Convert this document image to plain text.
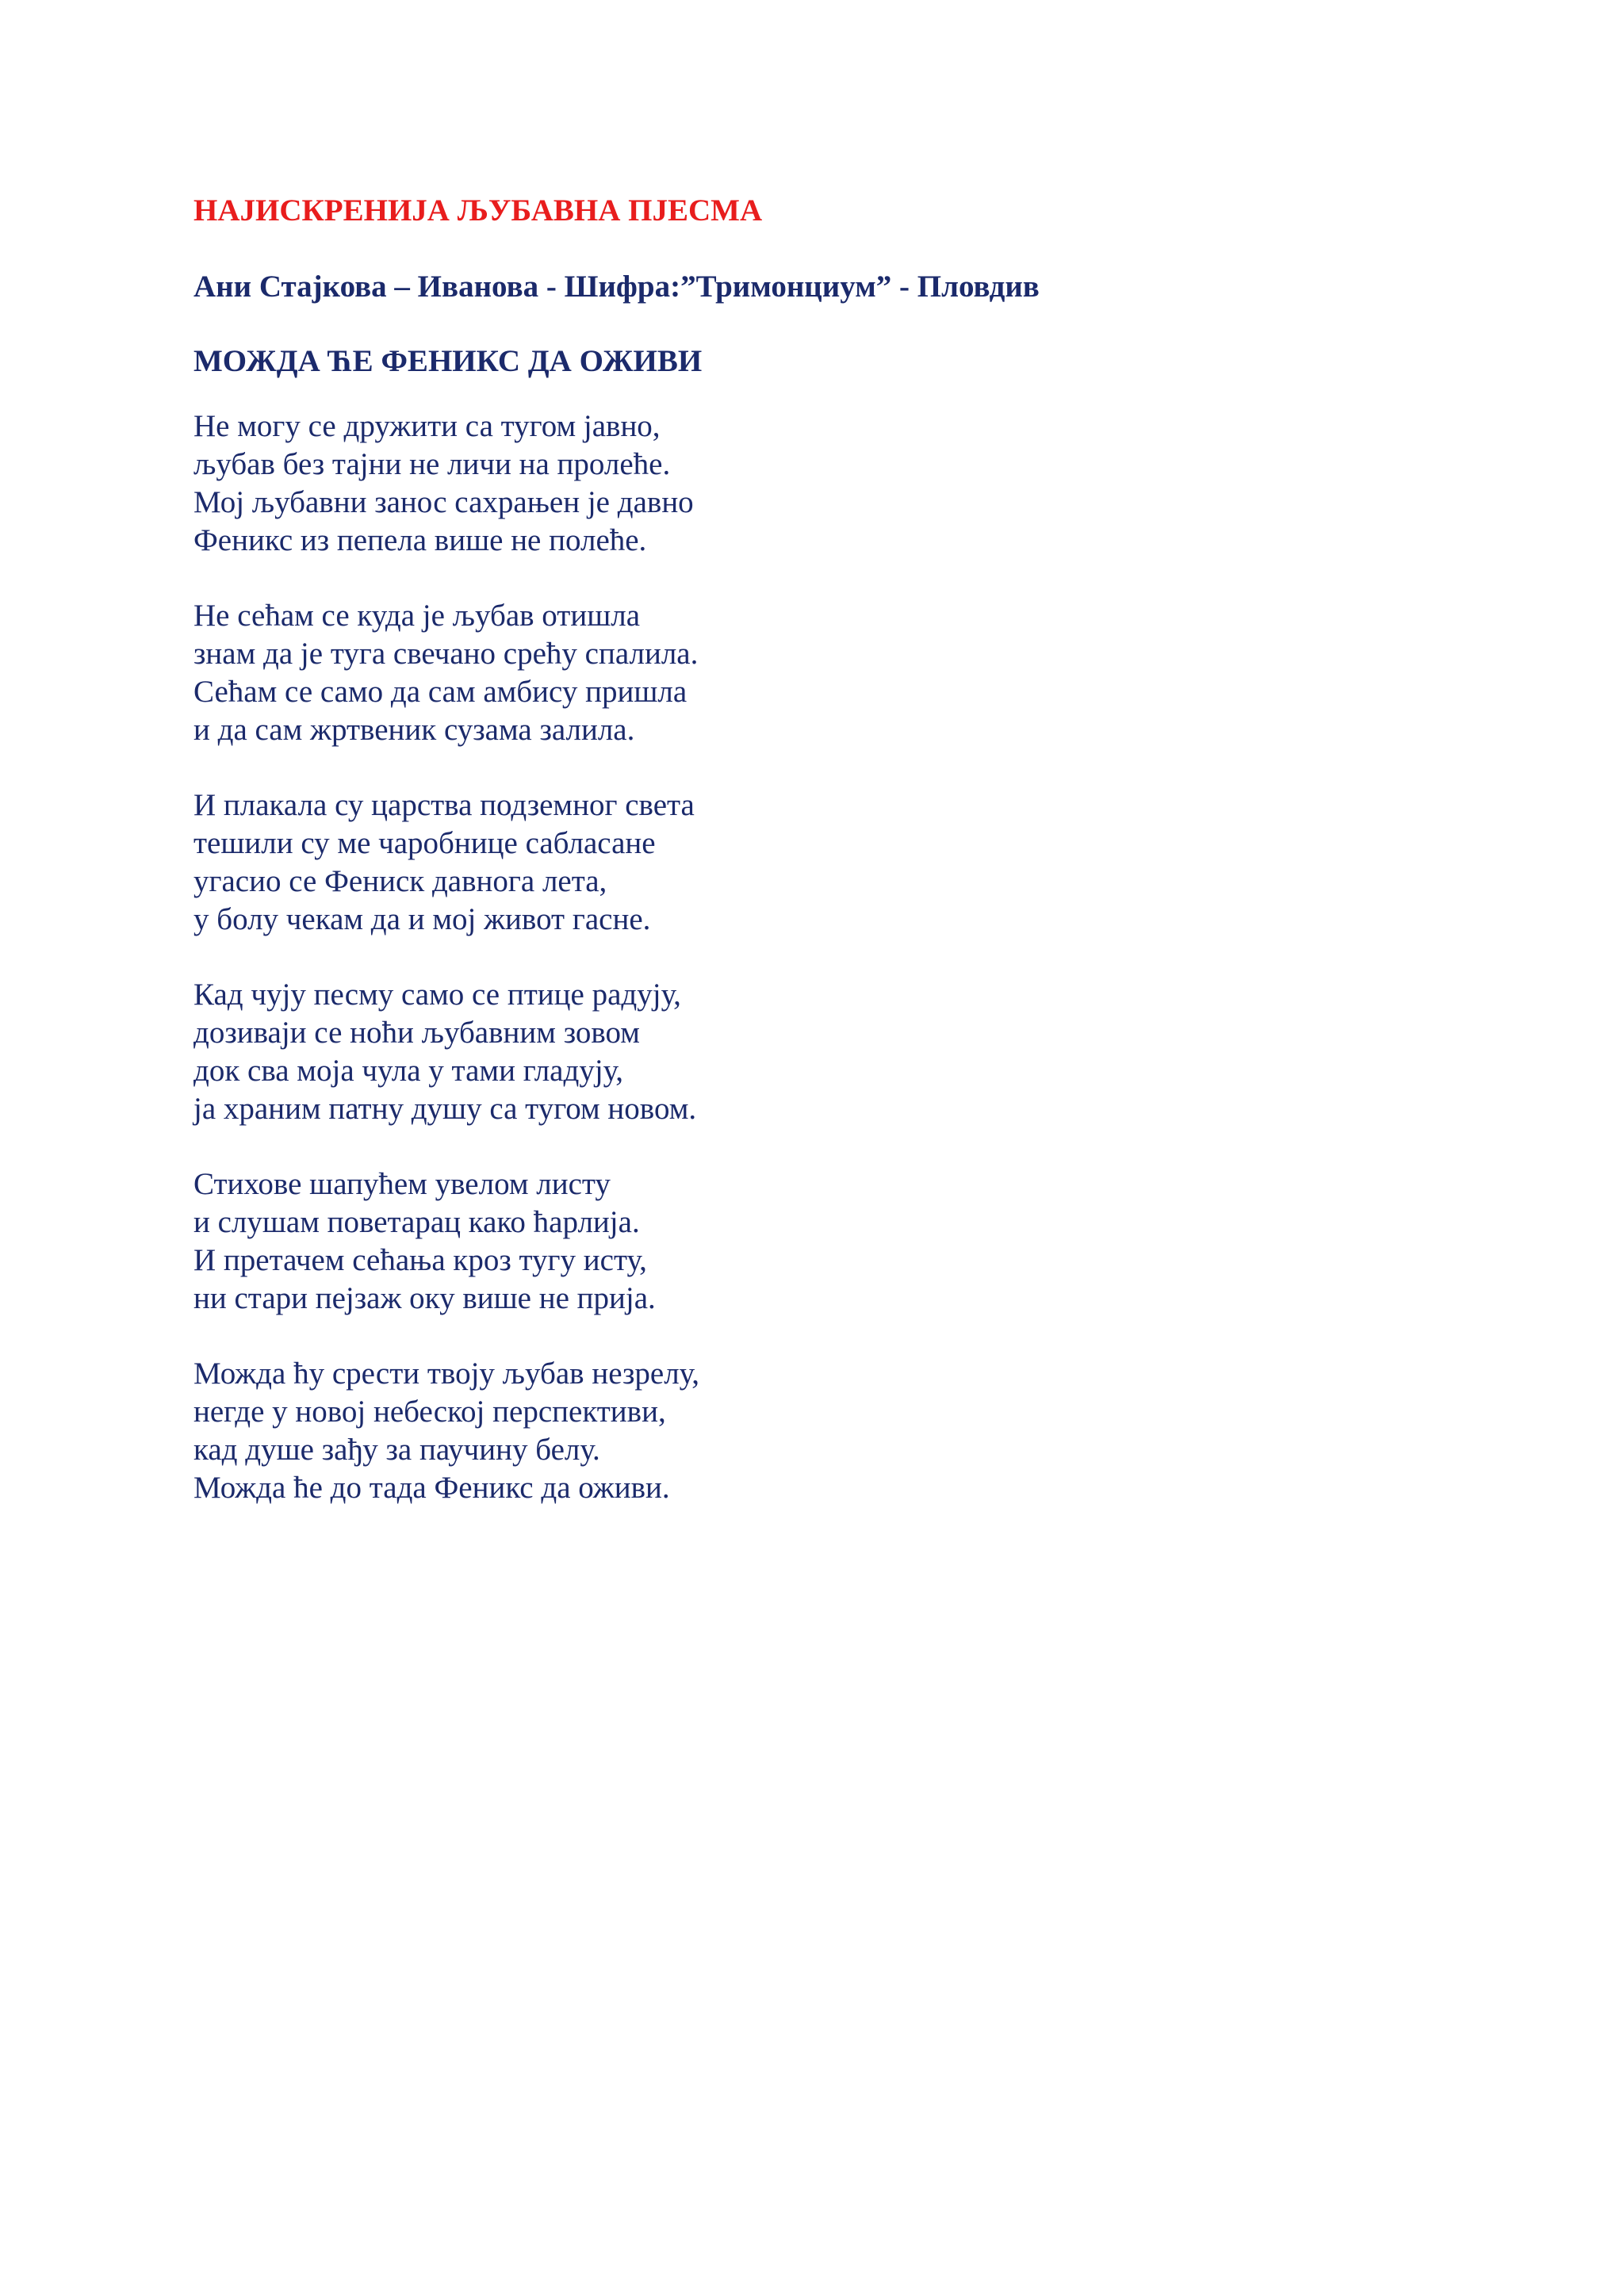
НАЈИСКРЕНИЈА ЉУБАВНА ПЈЕСМА
Ани Стајкова – Иванова - Шифра:”Тримонциум” - Пловдив
МОЖДА ЋЕ ФЕНИКС ДА ОЖИВИ
Не могу се дружити са тугом јавно,
љубав без тајни не личи на пролеће.
Мој љубавни занос сахрањен је давно
Феникс из пепела више не полеће.
Не сећам се куда је љубав отишла
знам да је туга свечано срећу спалила.
Сећам се само да сам амбису пришла
и да сам жртвеник сузама залила.
И плакала су царства подземног света
тешили су ме чаробнице сабласане
угасио се Фениск давнога лета,
у болу чекам да и мој живот гасне.
Кад чују песму само се птице радују,
дозиваји се ноћи љубавним зовом
док сва моја чула у тами гладују,
ја храним патну душу са тугом новом.
Стихове шапућем увелом листу
и слушам поветарац како ћарлија.
И претачем сећања кроз тугу исту,
ни стари пејзаж оку више не прија.
Можда ћу срести твоју љубав незрелу,
негде у новој небеској перспективи,
кад душе зађу за паучину белу.
Можда ће до тада Феникс да оживи.
